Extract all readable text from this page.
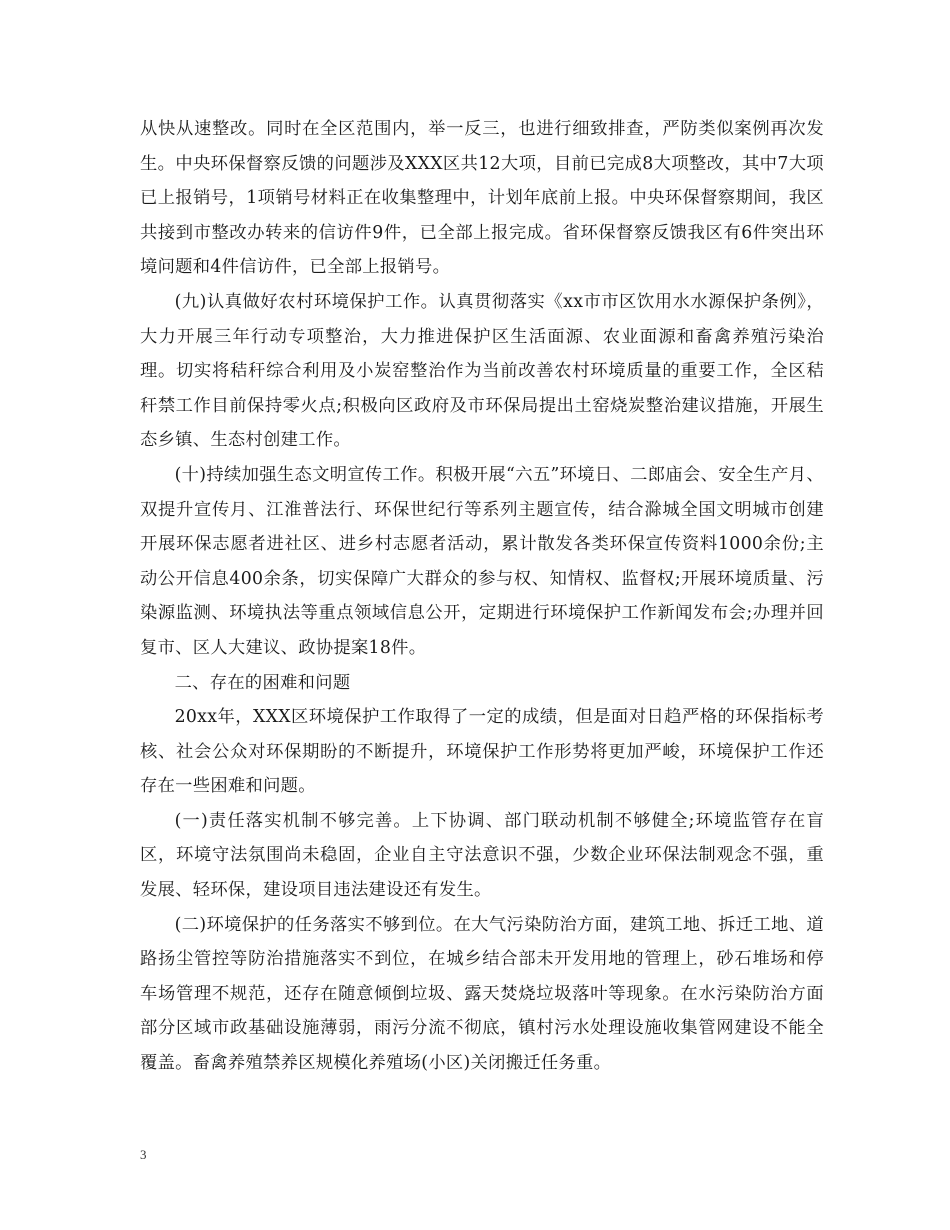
从快从速整改。同时在全区范围内，举一反三，也进行细致排查，严防类似案例再次发生。中央环保督察反馈的问题涉及XXX区共12大项，目前已完成8大项整改，其中7大项已上报销号，1项销号材料正在收集整理中，计划年底前上报。中央环保督察期间，我区共接到市整改办转来的信访件9件，已全部上报完成。省环保督察反馈我区有6件突出环境问题和4件信访件，已全部上报销号。

(九)认真做好农村环境保护工作。认真贯彻落实《xx市市区饮用水水源保护条例》，大力开展三年行动专项整治，大力推进保护区生活面源、农业面源和畜禽养殖污染治理。切实将秸秆综合利用及小炭窑整治作为当前改善农村环境质量的重要工作，全区秸秆禁工作目前保持零火点;积极向区政府及市环保局提出土窑烧炭整治建议措施，开展生态乡镇、生态村创建工作。

(十)持续加强生态文明宣传工作。积极开展“六五”环境日、二郎庙会、安全生产月、双提升宣传月、江淮普法行、环保世纪行等系列主题宣传，结合滁城全国文明城市创建开展环保志愿者进社区、进乡村志愿者活动，累计散发各类环保宣传资料1000余份;主动公开信息400余条，切实保障广大群众的参与权、知情权、监督权;开展环境质量、污染源监测、环境执法等重点领域信息公开，定期进行环境保护工作新闻发布会;办理并回复市、区人大建议、政协提案18件。

二、存在的困难和问题

20xx年，XXX区环境保护工作取得了一定的成绩，但是面对日趋严格的环保指标考核、社会公众对环保期盼的不断提升，环境保护工作形势将更加严峻，环境保护工作还存在一些困难和问题。

(一)责任落实机制不够完善。上下协调、部门联动机制不够健全;环境监管存在盲区，环境守法氛围尚未稳固，企业自主守法意识不强，少数企业环保法制观念不强，重发展、轻环保，建设项目违法建设还有发生。

(二)环境保护的任务落实不够到位。在大气污染防治方面，建筑工地、拆迁工地、道路扬尘管控等防治措施落实不到位，在城乡结合部未开发用地的管理上，砂石堆场和停车场管理不规范，还存在随意倾倒垃圾、露天焚烧垃圾落叶等现象。在水污染防治方面部分区域市政基础设施薄弱，雨污分流不彻底，镇村污水处理设施收集管网建设不能全覆盖。畜禽养殖禁养区规模化养殖场(小区)关闭搬迁任务重。

3
